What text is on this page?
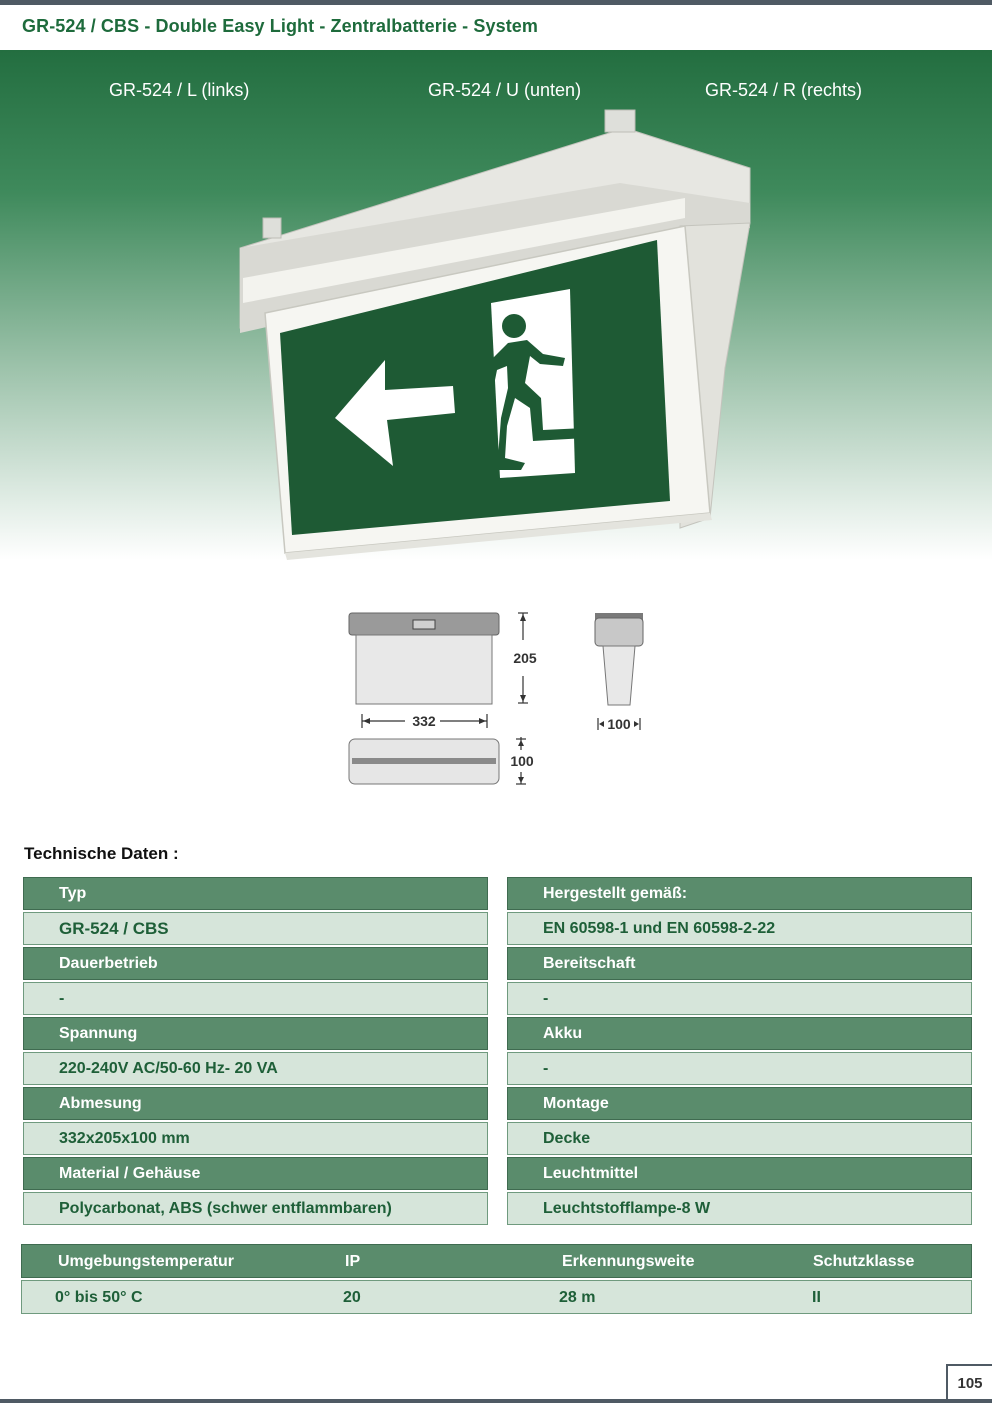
GR-524 / CBS - Double Easy Light - Zentralbatterie - System
GR-524 / L (links)	GR-524 / U (unten)	GR-524 / R (rechts)
205
332
100
100
Technische Daten :
Typ
GR-524 / CBS
Dauerbetrieb
-
Spannung
220-240V AC/50-60 Hz- 20 VA
Abmesung
332x205x100 mm
Material / Gehäuse
Polycarbonat, ABS (schwer entflammbaren)
Hergestellt gemäß:
EN 60598-1 und EN 60598-2-22
Bereitschaft
-
Akku
-
Montage
Decke
Leuchtmittel
Leuchtstofflampe-8 W
Umgebungstemperatur	IP	Erkennungsweite	Schutzklasse
0° bis 50° C	20	28 m	II
105
